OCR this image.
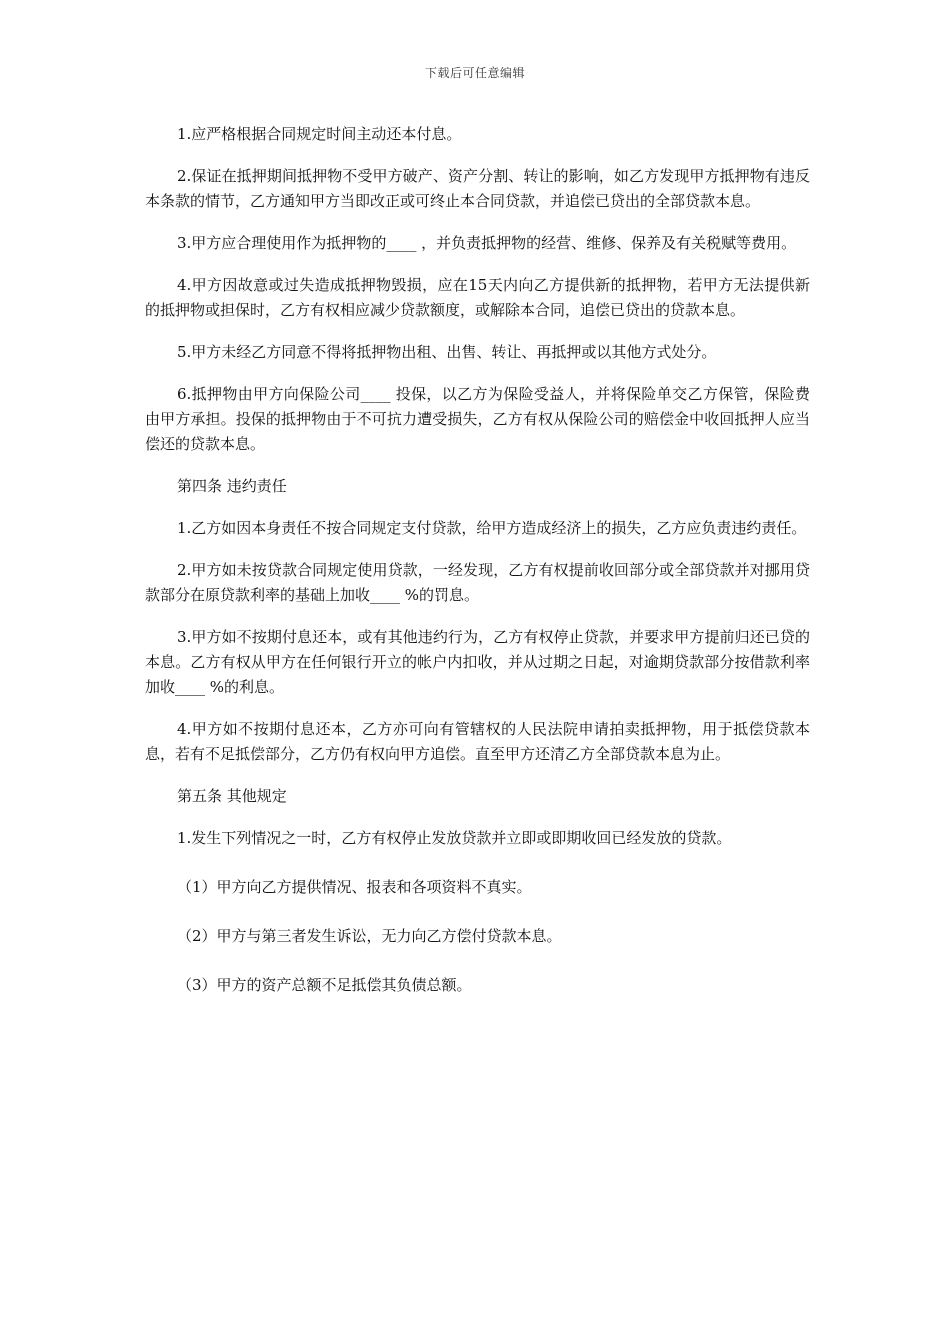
下载后可任意编辑

1.应严格根据合同规定时间主动还本付息。

2.保证在抵押期间抵押物不受甲方破产、资产分割、转让的影响，如乙方发现甲方抵押物有违反本条款的情节，乙方通知甲方当即改正或可终止本合同贷款，并追偿已贷出的全部贷款本息。

3.甲方应合理使用作为抵押物的____ ，并负责抵押物的经营、维修、保养及有关税赋等费用。

4.甲方因故意或过失造成抵押物毁损，应在15天内向乙方提供新的抵押物，若甲方无法提供新的抵押物或担保时，乙方有权相应减少贷款额度，或解除本合同，追偿已贷出的贷款本息。

5.甲方未经乙方同意不得将抵押物出租、出售、转让、再抵押或以其他方式处分。

6.抵押物由甲方向保险公司____ 投保，以乙方为保险受益人，并将保险单交乙方保管，保险费由甲方承担。投保的抵押物由于不可抗力遭受损失，乙方有权从保险公司的赔偿金中收回抵押人应当偿还的贷款本息。

第四条 违约责任

1.乙方如因本身责任不按合同规定支付贷款，给甲方造成经济上的损失，乙方应负责违约责任。

2.甲方如未按贷款合同规定使用贷款，一经发现，乙方有权提前收回部分或全部贷款并对挪用贷款部分在原贷款利率的基础上加收____ %的罚息。

3.甲方如不按期付息还本，或有其他违约行为，乙方有权停止贷款，并要求甲方提前归还已贷的本息。乙方有权从甲方在任何银行开立的帐户内扣收，并从过期之日起，对逾期贷款部分按借款利率加收____ %的利息。

4.甲方如不按期付息还本，乙方亦可向有管辖权的人民法院申请拍卖抵押物，用于抵偿贷款本息，若有不足抵偿部分，乙方仍有权向甲方追偿。直至甲方还清乙方全部贷款本息为止。

第五条 其他规定

1.发生下列情况之一时，乙方有权停止发放贷款并立即或即期收回已经发放的贷款。

（1）甲方向乙方提供情况、报表和各项资料不真实。

（2）甲方与第三者发生诉讼，无力向乙方偿付贷款本息。

（3）甲方的资产总额不足抵偿其负债总额。
